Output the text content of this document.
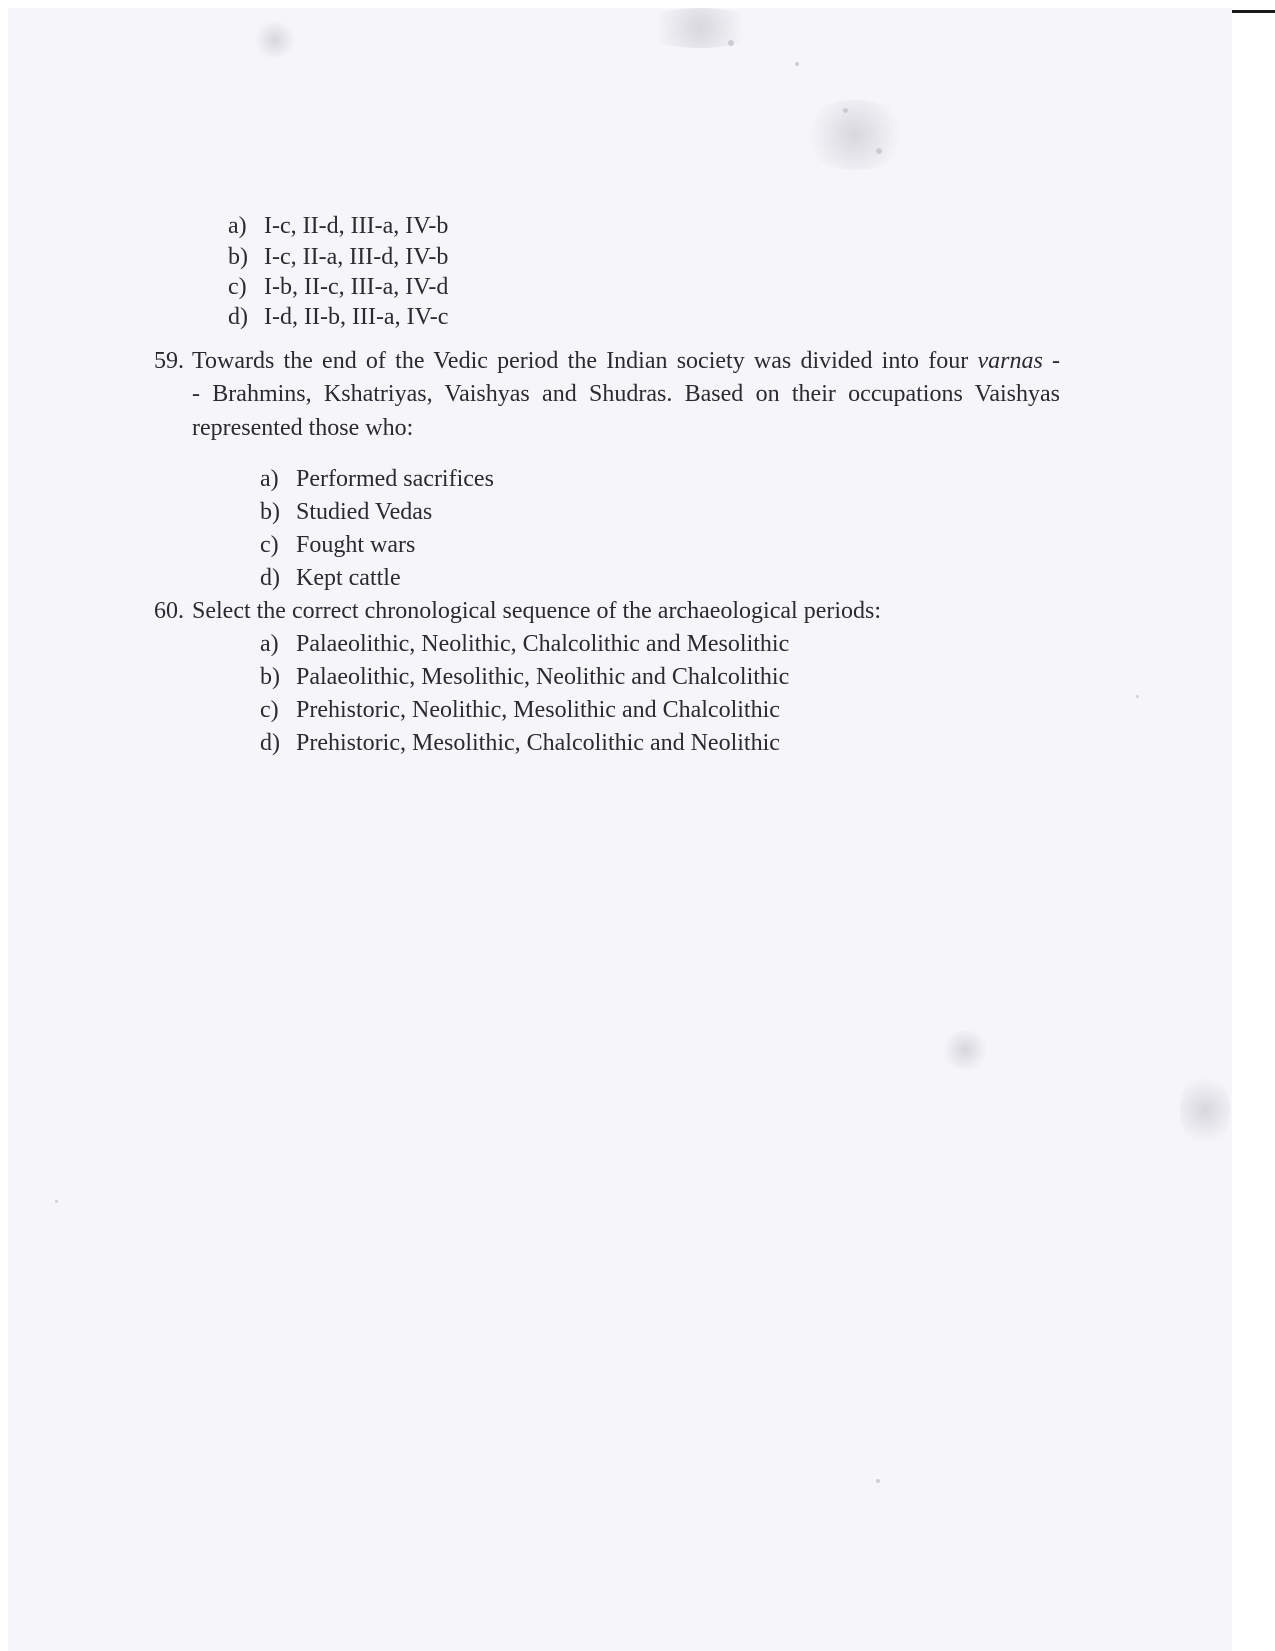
a) I-c, II-d, III-a, IV-b
b) I-c, II-a, III-d, IV-b
c) I-b, II-c, III-a, IV-d
d) I-d, II-b, III-a, IV-c
59. Towards the end of the Vedic period the Indian society was divided into four varnas -
- Brahmins, Kshatriyas, Vaishyas and Shudras. Based on their occupations Vaishyas
represented those who:
a) Performed sacrifices
b) Studied Vedas
c) Fought wars
d) Kept cattle
60. Select the correct chronological sequence of the archaeological periods:
a) Palaeolithic, Neolithic, Chalcolithic and Mesolithic
b) Palaeolithic, Mesolithic, Neolithic and Chalcolithic
c) Prehistoric, Neolithic, Mesolithic and Chalcolithic
d) Prehistoric, Mesolithic, Chalcolithic and Neolithic
